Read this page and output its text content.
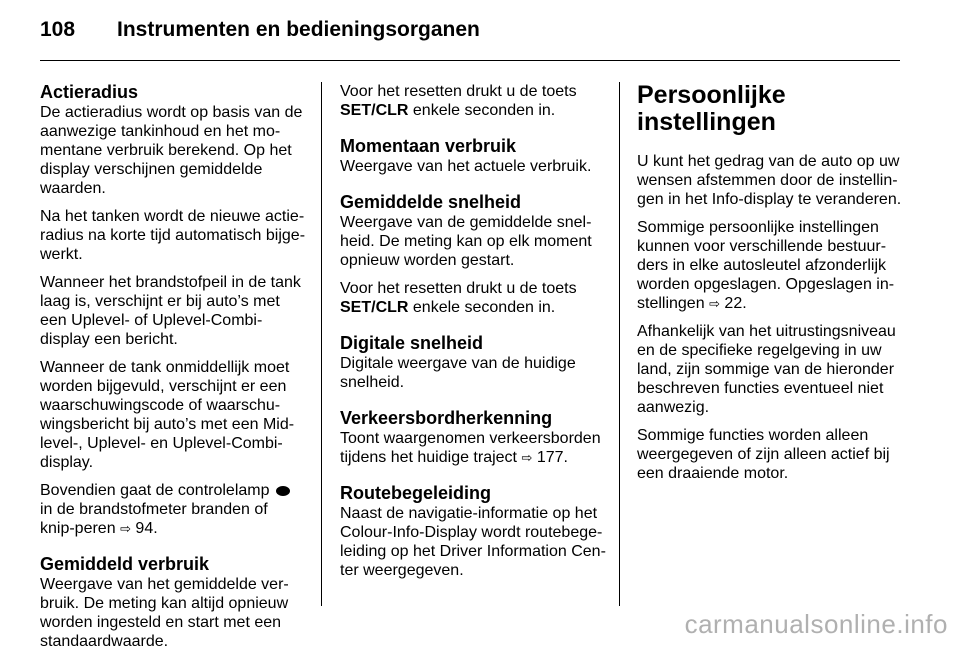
108 Instrumenten en bedieningsorganen
Actieradius

De actieradius wordt op basis van de aanwezige tankinhoud en het mo-mentane verbruik berekend. Op het display verschijnen gemiddelde waarden.

Na het tanken wordt de nieuwe actie-radius na korte tijd automatisch bijge-werkt.

Wanneer het brandstofpeil in de tank laag is, verschijnt er bij auto’s met een Uplevel- of Uplevel-Combi-display een bericht.

Wanneer de tank onmiddellijk moet worden bijgevuld, verschijnt er een waarschuwingscode of waarschu-wingsbericht bij auto’s met een Mid-level-, Uplevel- en Uplevel-Combi-display.

Bovendien gaat de controlelamp  in de brandstofmeter branden of knip-peren ⇨ 94.

Gemiddeld verbruik

Weergave van het gemiddelde ver-bruik. De meting kan altijd opnieuw worden ingesteld en start met een standaardwaarde.

Voor het resetten drukt u de toets SET/CLR enkele seconden in.

Momentaan verbruik

Weergave van het actuele verbruik.

Gemiddelde snelheid

Weergave van de gemiddelde snel-heid. De meting kan op elk moment opnieuw worden gestart.

Voor het resetten drukt u de toets SET/CLR enkele seconden in.

Digitale snelheid

Digitale weergave van de huidige snelheid.

Verkeersbordherkenning

Toont waargenomen verkeersborden tijdens het huidige traject ⇨ 177.

Routebegeleiding

Naast de navigatie-informatie op het Colour-Info-Display wordt routebege-leiding op het Driver Information Cen-ter weergegeven.

Persoonlijke instellingen

U kunt het gedrag van de auto op uw wensen afstemmen door de instellin-gen in het Info-display te veranderen.

Sommige persoonlijke instellingen kunnen voor verschillende bestuur-ders in elke autosleutel afzonderlijk worden opgeslagen. Opgeslagen in-stellingen ⇨ 22.

Afhankelijk van het uitrustingsniveau en de specifieke regelgeving in uw land, zijn sommige van de hieronder beschreven functies eventueel niet aanwezig.

Sommige functies worden alleen weergegeven of zijn alleen actief bij een draaiende motor.

carmanualsonline.info
